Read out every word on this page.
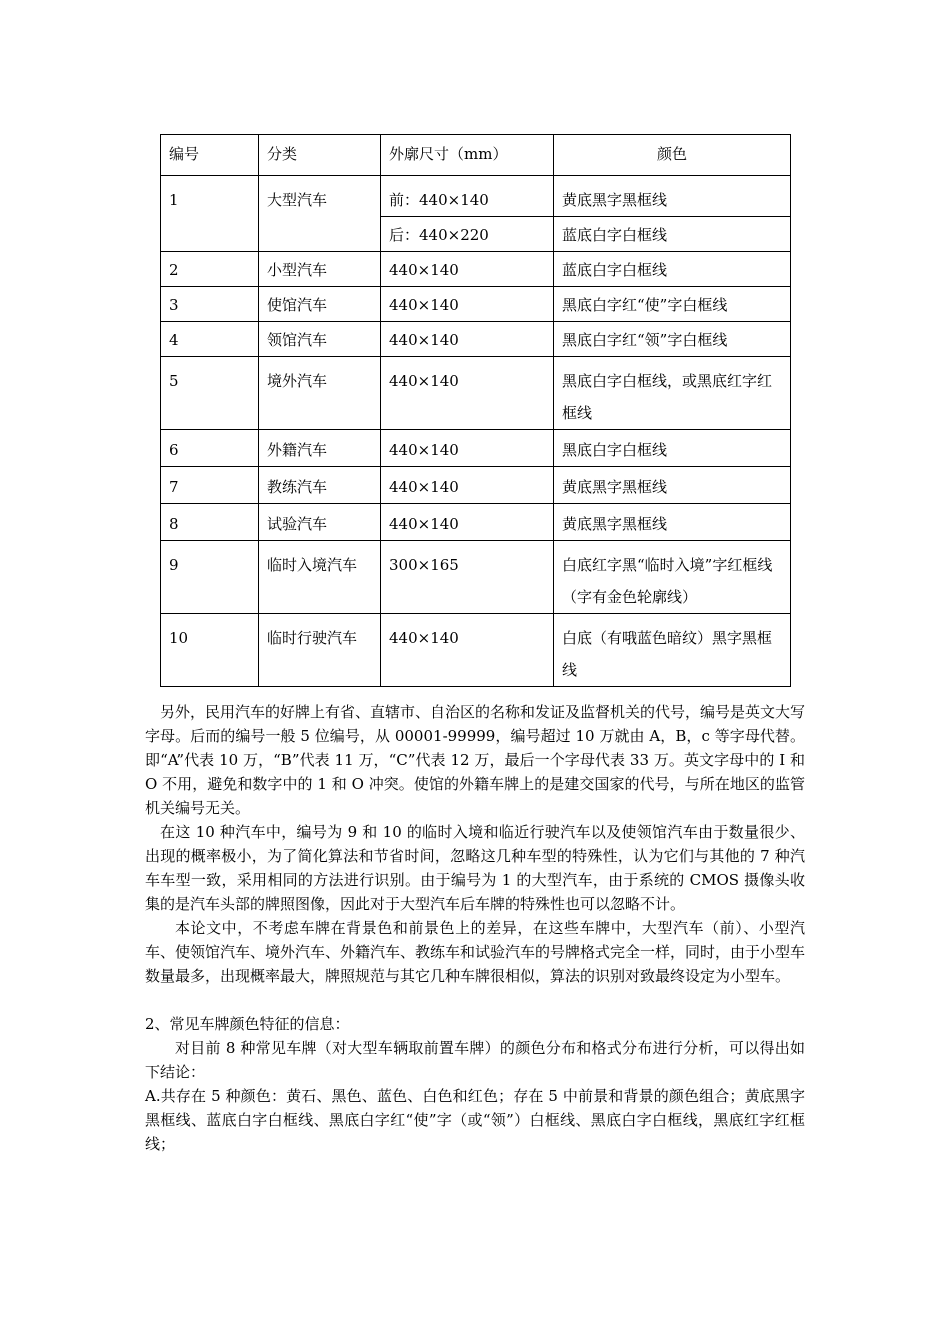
编号	分类	外廓尺寸（mm）	颜色
1	大型汽车	前：440×140	黄底黑字黑框线
		后：440×220	蓝底白字白框线
2	小型汽车	440×140	蓝底白字白框线
3	使馆汽车	440×140	黑底白字红“使”字白框线
4	领馆汽车	440×140	黑底白字红“领”字白框线
5	境外汽车	440×140	黑底白字白框线，或黑底红字红框线
6	外籍汽车	440×140	黑底白字白框线
7	教练汽车	440×140	黄底黑字黑框线
8	试验汽车	440×140	黄底黑字黑框线
9	临时入境汽车	300×165	白底红字黑“临时入境”字红框线（字有金色轮廓线）
10	临时行驶汽车	440×140	白底（有哦蓝色暗纹）黑字黑框线

另外，民用汽车的好牌上有省、直辖市、自治区的名称和发证及监督机关的代号，编号是英文大写字母。后而的编号一般 5 位编号，从 00001-99999，编号超过 10 万就由 A，B，c 等字母代替。即“A”代表 10 万，“B”代表 11 万，“C”代表 12 万，最后一个字母代表 33 万。英文字母中的 I 和 O 不用，避免和数字中的 1 和 O 冲突。使馆的外籍车牌上的是建交国家的代号，与所在地区的监管机关编号无关。

在这 10 种汽车中，编号为 9 和 10 的临时入境和临近行驶汽车以及使领馆汽车由于数量很少、出现的概率极小，为了简化算法和节省时间，忽略这几种车型的特殊性，认为它们与其他的 7 种汽车车型一致，采用相同的方法进行识别。由于编号为 1 的大型汽车，由于系统的 CMOS 摄像头收集的是汽车头部的牌照图像，因此对于大型汽车后车牌的特殊性也可以忽略不计。

本论文中，不考虑车牌在背景色和前景色上的差异，在这些车牌中，大型汽车（前）、小型汽车、使领馆汽车、境外汽车、外籍汽车、教练车和试验汽车的号牌格式完全一样，同时，由于小型车数量最多，出现概率最大，牌照规范与其它几种车牌很相似，算法的识别对致最终设定为小型车。

2、常见车牌颜色特征的信息：

对目前 8 种常见车牌（对大型车辆取前置车牌）的颜色分布和格式分布进行分析，可以得出如下结论：

A.共存在 5 种颜色：黄石、黑色、蓝色、白色和红色；存在 5 中前景和背景的颜色组合；黄底黑字黑框线、蓝底白字白框线、黑底白字红“使”字（或“领”）白框线、黑底白字白框线，黑底红字红框线；
